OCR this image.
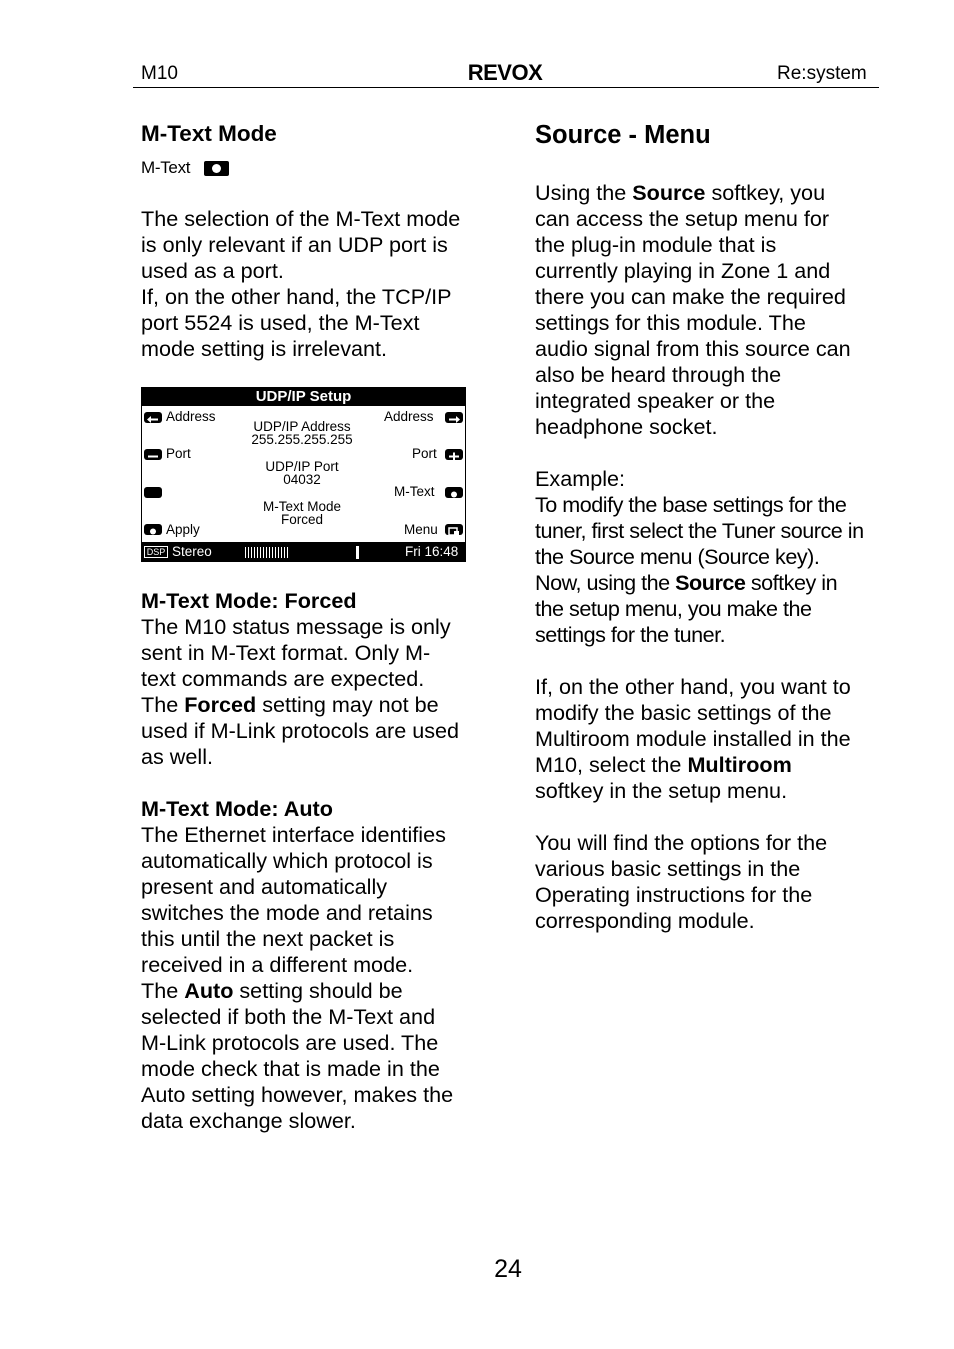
M10	REVOX	Re:system
M-Text Mode
M-Text
The selection of the M-Text mode
is only relevant if an UDP port is
used as a port.
If, on the other hand, the TCP/IP
port 5524 is used, the M-Text
mode setting is irrelevant.
UDP/IP Setup
Address
UDP/IP Address
255.255.255.255
Address
Port
UDP/IP Port
04032
Port
M-Text Mode
Forced
M-Text
Apply	Menu
DSP Stereo	Fri 16:48
M-Text Mode: Forced
The M10 status message is only
sent in M-Text format. Only M-
text commands are expected.
The Forced setting may not be
used if M-Link protocols are used
as well.
M-Text Mode: Auto
The Ethernet interface identifies
automatically which protocol is
present and automatically
switches the mode and retains
this until the next packet is
received in a different mode.
The Auto setting should be
selected if both the M-Text and
M-Link protocols are used. The
mode check that is made in the
Auto setting however, makes the
data exchange slower.
Source - Menu
Using the Source softkey, you
can access the setup menu for
the plug-in module that is
currently playing in Zone 1 and
there you can make the required
settings for this module. The
audio signal from this source can
also be heard through the
integrated speaker or the
headphone socket.
Example:
To modify the base settings for the
tuner, first select the Tuner source in
the Source menu (Source key).
Now, using the Source softkey in
the setup menu, you make the
settings for the tuner.
If, on the other hand, you want to
modify the basic settings of the
Multiroom module installed in the
M10, select the Multiroom
softkey in the setup menu.
You will find the options for the
various basic settings in the
Operating instructions for the
corresponding module.
24
